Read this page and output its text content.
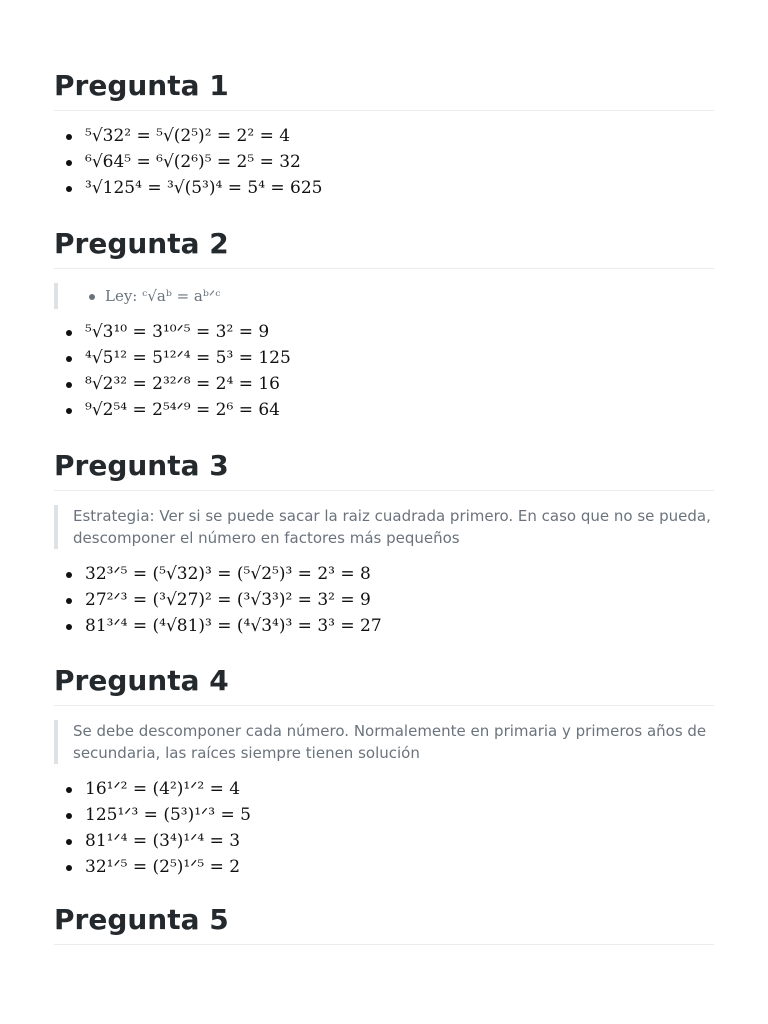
Pregunta 1
⁵√32² = ⁵√(2⁵)² = 2² = 4
⁶√64⁵ = ⁶√(2⁶)⁵ = 2⁵ = 32
³√125⁴ = ³√(5³)⁴ = 5⁴ = 625
Pregunta 2
Ley: ᶜ√aᵇ = aᵇᐟᶜ
⁵√3¹⁰ = 3¹⁰ᐟ⁵ = 3² = 9
⁴√5¹² = 5¹²ᐟ⁴ = 5³ = 125
⁸√2³² = 2³²ᐟ⁸ = 2⁴ = 16
⁹√2⁵⁴ = 2⁵⁴ᐟ⁹ = 2⁶ = 64
Pregunta 3
Estrategia: Ver si se puede sacar la raiz cuadrada primero. En caso que no se pueda, descomponer el número en factores más pequeños
32³ᐟ⁵ = (⁵√32)³ = (⁵√2⁵)³ = 2³ = 8
27²ᐟ³ = (³√27)² = (³√3³)² = 3² = 9
81³ᐟ⁴ = (⁴√81)³ = (⁴√3⁴)³ = 3³ = 27
Pregunta 4
Se debe descomponer cada número. Normalemente en primaria y primeros años de secundaria, las raíces siempre tienen solución
16¹ᐟ² = (4²)¹ᐟ² = 4
125¹ᐟ³ = (5³)¹ᐟ³ = 5
81¹ᐟ⁴ = (3⁴)¹ᐟ⁴ = 3
32¹ᐟ⁵ = (2⁵)¹ᐟ⁵ = 2
Pregunta 5
